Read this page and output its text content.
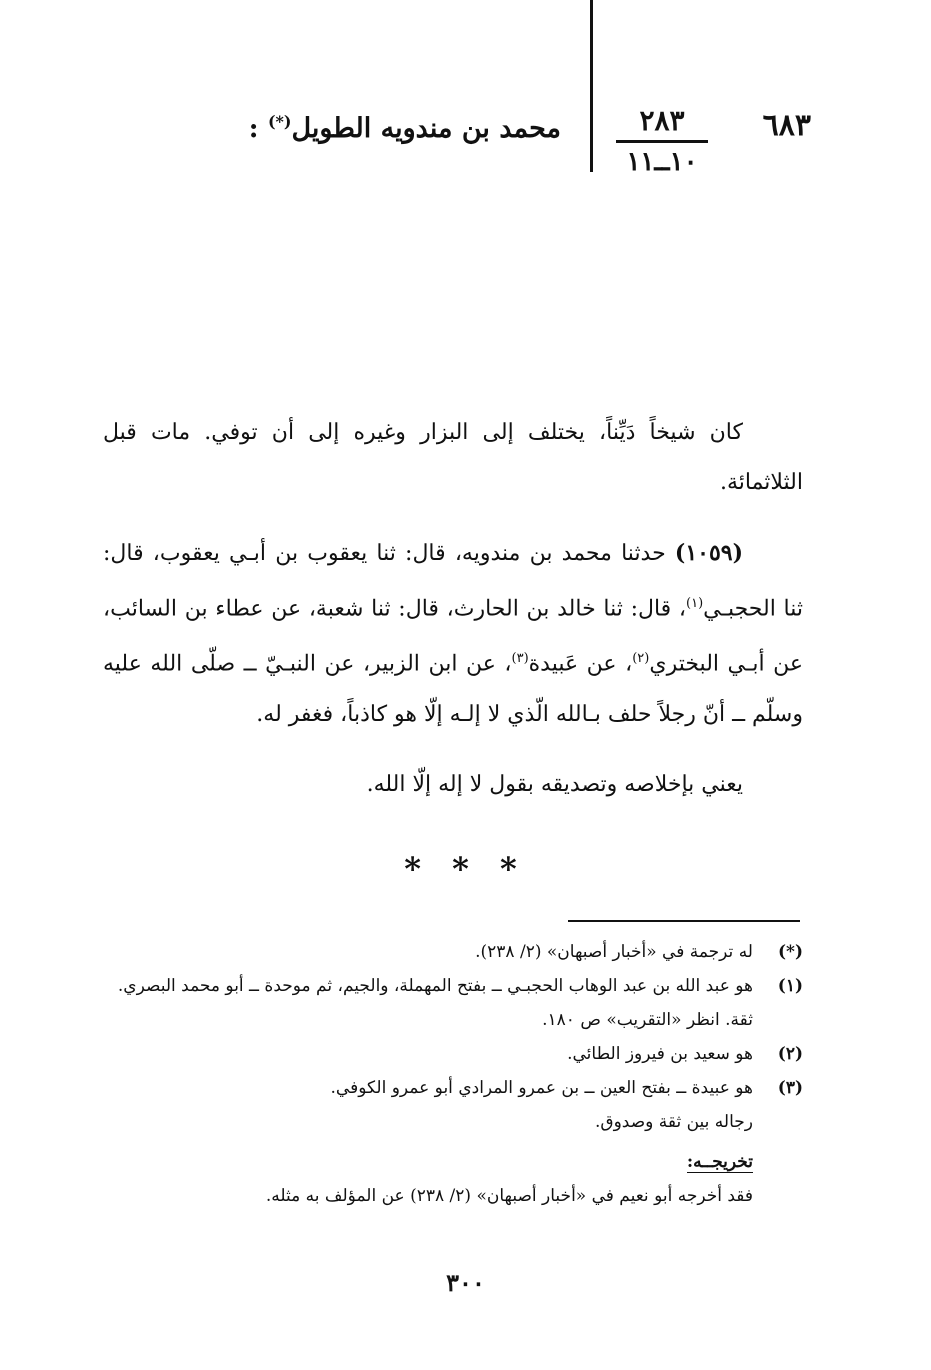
٦٨٣
٢٨٣
١٠ــ١١
محمد بن مندويه الطويل(*) :

كان شيخاً دَيِّناً، يختلف إلى البزار وغيره إلى أن توفي. مات قبل الثلاثمائة.

(١٠٥٩) حدثنا محمد بن مندويه، قال: ثنا يعقوب بن أبـي يعقوب، قال: ثنا الحجبـي$^{(١)}$، قال: ثنا خالد بن الحارث، قال: ثنا شعبة، عن عطاء بن السائب، عن أبـي البختري$^{(٢)}$، عن عَبيدة$^{(٣)}$، عن ابن الزبير، عن النبـيّ ــ صلّى الله عليه وسلّم ــ أنّ رجلاً حلف بـالله الّذي لا إلـه إلّا هو كاذباً، فغفر له.

يعني بإخلاصه وتصديقه بقول لا إله إلّا الله.

* * *
(*)
له ترجمة في «أخبار أصبهان» (٢/ ٢٣٨).
(١)
هو عبد الله بن عبد الوهاب الحجبـي ــ بفتح المهملة، والجيم، ثم موحدة ــ أبو محمد البصري. ثقة. انظر «التقريب» ص ١٨٠.
(٢)
هو سعيد بن فيروز الطائي.
(٣)
هو عبيدة ــ بفتح العين ــ بن عمرو المرادي أبو عمرو الكوفي.
رجاله بين ثقة وصدوق.
تخريجــه:
فقد أخرجه أبو نعيم في «أخبار أصبهان» (٢/ ٢٣٨) عن المؤلف به مثله.
٣٠٠
